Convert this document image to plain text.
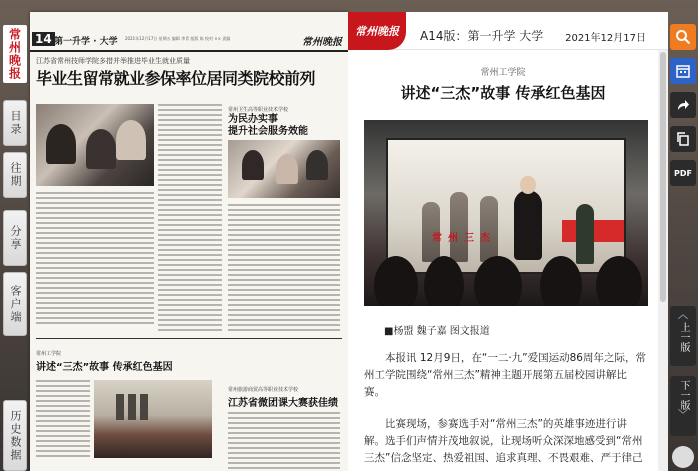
常州晚报
目录
往期
分享
客户端
历史数据
14 第一升学 · 大学 2021年12月17日 星期五 编辑 李青 组版 陈 校对 ×× 责编	常州晚报
江苏省常州技师学院多措并举推进毕业生就业质量
毕业生留常就业参保率位居同类院校前列
常州卫生高等职业技术学校
为民办实事
提升社会服务效能
常州工学院
讲述“三杰”故事 传承红色基因
常州旅游商贸高等职业技术学校
江苏省微团课大赛获佳绩
常州晚报	A14版：第一升学 大学 2021年12月17日
常州工学院
讲述“三杰”故事 传承红色基因
常州三杰
■杨盟 魏子嘉 图文报道
本报讯 12月9日，在“一二·九”爱国运动86周年之际，常州工学院围绕“常州三杰”精神主题开展第五届校园讲解比赛。
比赛现场，参赛选手对“常州三杰”的英雄事迹进行讲解。选手们声情并茂地叙说，让现场听众深深地感受到“常州三杰”信念坚定、热爱祖国、追求真理、不畏艰难、严于律己
PDF
︿
上一版
下一版
﹀
